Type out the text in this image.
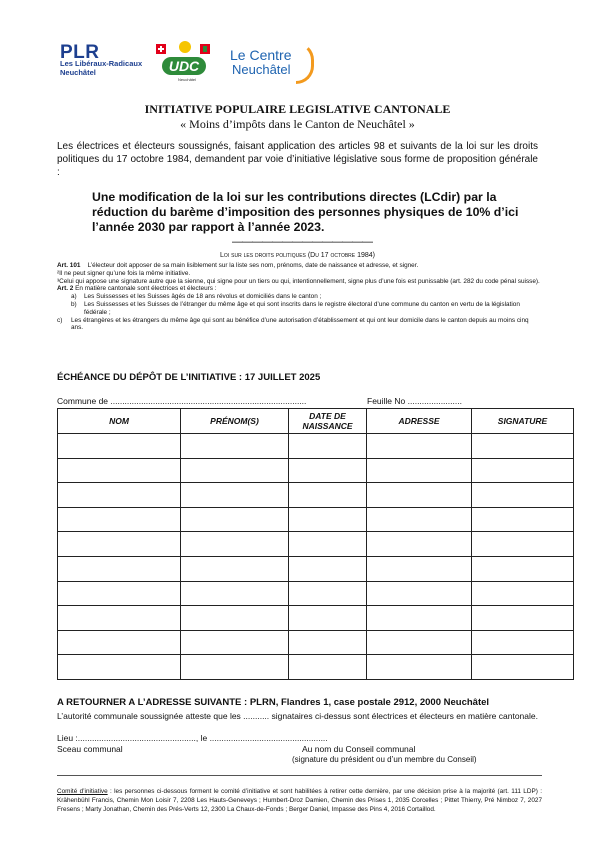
PLR
Les Libéraux-Radicaux
Neuchâtel	UDC
Neuchâtel
Le Centre
Neuchâtel
INITIATIVE POPULAIRE LEGISLATIVE CANTONALE
« Moins d’impôts dans le Canton de Neuchâtel »
Les électrices et électeurs soussignés, faisant application des articles 98 et suivants de la loi sur les droits politiques du 17 octobre 1984, demandent par voie d’initiative législative sous forme de proposition générale :
Une modification de la loi sur les contributions directes (LCdir) par la réduction du barème d’imposition des personnes physiques de 10% d’ici l’année 2030 par rapport à l’année 2023.
——————————————
Loi sur les droits politiques (Du 17 octobre 1984)
Art. 101 L’électeur doit apposer de sa main lisiblement sur la liste ses nom, prénoms, date de naissance et adresse, et signer.
²Il ne peut signer qu’une fois la même initiative.
³Celui qui appose une signature autre que la sienne, qui signe pour un tiers ou qui, intentionnellement, signe plus d’une fois est punissable (art. 282 du code pénal suisse).
Art. 2 En matière cantonale sont électrices et électeurs :
a)	Les Suissesses et les Suisses âgés de 18 ans révolus et domiciliés dans le canton ;
b)	Les Suissesses et les Suisses de l’étranger du même âge et qui sont inscrits dans le registre électoral d’une commune du canton en vertu de la législation fédérale ;
c)	Les étrangères et les étrangers du même âge qui sont au bénéfice d’une autorisation d’établissement et qui ont leur domicile dans le canton depuis au moins cinq ans.
ÉCHÉANCE DU DÉPÔT DE L’INITIATIVE : 17 JUILLET 2025
Commune de ...................................................................................	Feuille No .......................
NOM	PRÉNOM(S)	DATE DE NAISSANCE	ADRESSE	SIGNATURE

A RETOURNER A L’ADRESSE SUIVANTE : PLRN, Flandres 1, case postale 2912, 2000 Neuchâtel
L’autorité communale soussignée atteste que les ........... signataires ci-dessus sont électrices et électeurs en matière cantonale.
Lieu :.................................................., le ..................................................
Sceau communal	Au nom du Conseil communal
(signature du président ou d’un membre du Conseil)
Comité d’initiative : les personnes ci-dessous forment le comité d’initiative et sont habilitées à retirer cette dernière, par une décision prise à la majorité (art. 111 LDP) : Krähenbühl Francis, Chemin Mon Loisir 7, 2208 Les Hauts-Geneveys ; Humbert-Droz Damien, Chemin des Prises 1, 2035 Corcelles ; Pittet Thierry, Pré Nimboz 7, 2027 Fresens ; Marty Jonathan, Chemin des Prés-Verts 12, 2300 La Chaux-de-Fonds ; Berger Daniel, Impasse des Pins 4, 2016 Cortaillod.
